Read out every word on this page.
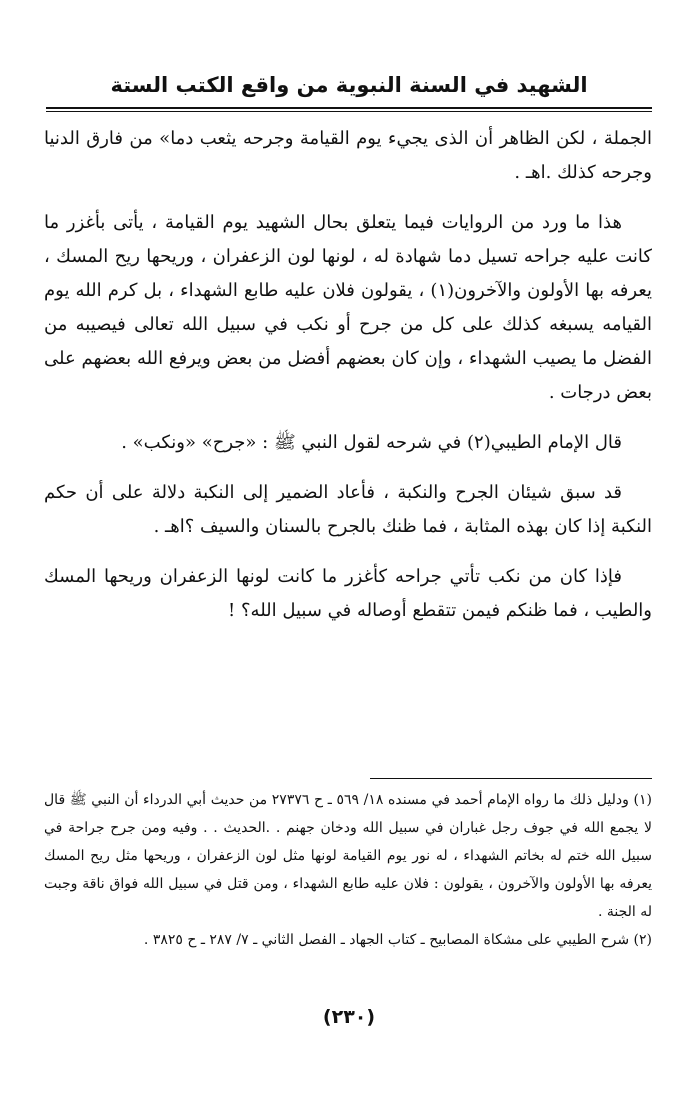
الشهيد في السنة النبوية من واقع الكتب الستة

الجملة ، لكن الظاهر أن الذى يجيء يوم القيامة وجرحه يثعب دما» من فارق الدنيا وجرحه كذلك .اهـ .

هذا ما ورد من الروايات فيما يتعلق بحال الشهيد يوم القيامة ، يأتى بأغزر ما كانت عليه جراحه تسيل دما شهادة له ، لونها لون الزعفران ، وريحها ريح المسك ، يعرفه بها الأولون والآخرون(١) ، يقولون فلان عليه طابع الشهداء ، بل كرم الله يوم القيامه يسبغه كذلك على كل من جرح أو نكب في سبيل الله تعالى فيصيبه من الفضل ما يصيب الشهداء ، وإن كان بعضهم أفضل من بعض ويرفع الله بعضهم على بعض درجات .

قال الإمام الطيبي(٢) في شرحه لقول النبي ﷺ : «جرح» «ونكب» .

قد سبق شيئان الجرح والنكبة ، فأعاد الضمير إلى النكبة دلالة على أن حكم النكبة إذا كان بهذه المثابة ، فما ظنك بالجرح بالسنان والسيف ؟اهـ .

فإذا كان من نكب تأتي جراحه كأغزر ما كانت لونها الزعفران وريحها المسك والطيب ، فما ظنكم فيمن تتقطع أوصاله في سبيل الله؟ !

(١) ودليل ذلك ما رواه الإمام أحمد في مسنده ١٨/ ٥٦٩ ـ ح ٢٧٣٧٦ من حديث أبي الدرداء أن النبي ﷺ قال لا يجمع الله في جوف رجل غباران في سبيل الله ودخان جهنم . .الحديث . . وفيه ومن جرح جراحة في سبيل الله ختم له بخاتم الشهداء ، له نور يوم القيامة لونها مثل لون الزعفران ، وريحها مثل ريح المسك يعرفه بها الأولون والآخرون ، يقولون : فلان عليه طابع الشهداء ، ومن قتل في سبيل الله فواق ناقة وجبت له الجنة .

(٢) شرح الطيبي على مشكاة المصابيح ـ كتاب الجهاد ـ الفصل الثاني ـ ٧/ ٢٨٧ ـ ح ٣٨٢٥ .

(٢٣٠)
